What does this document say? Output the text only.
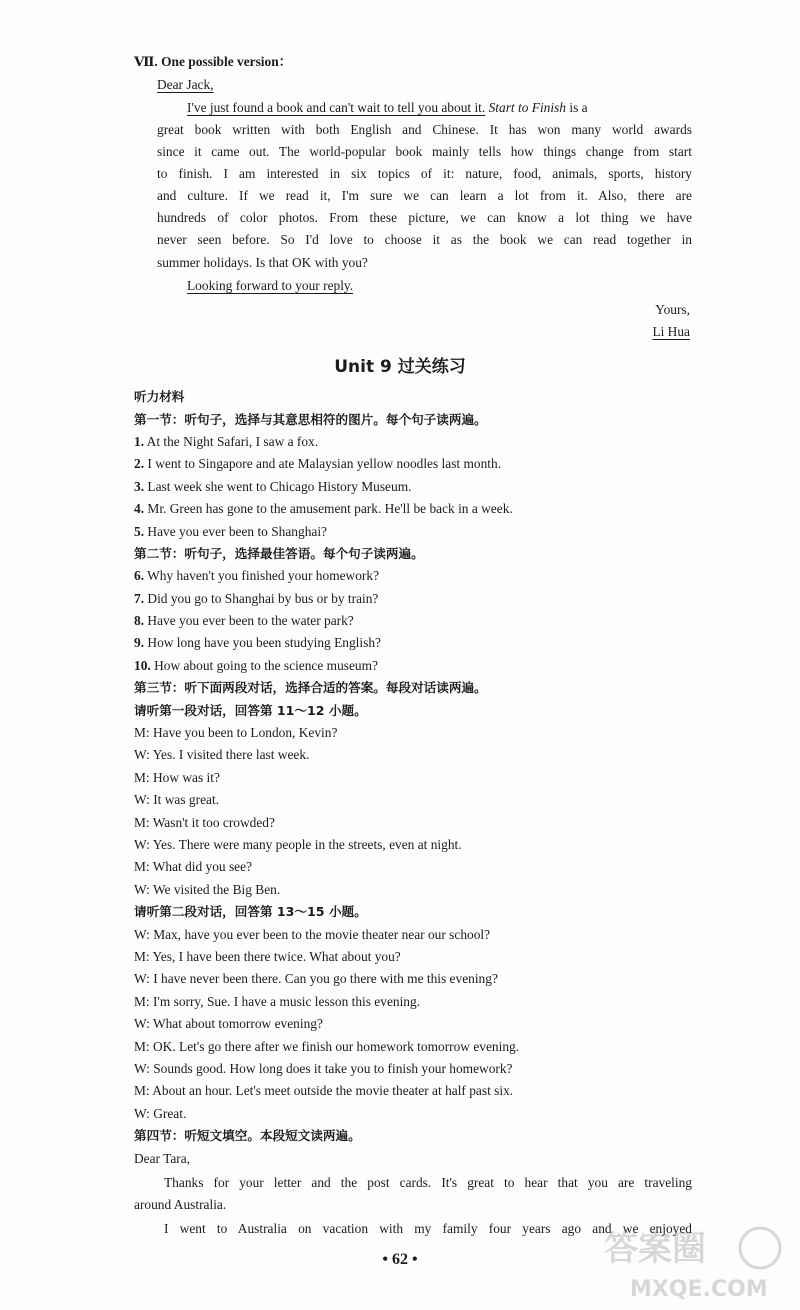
Ⅶ. One possible version：
Dear Jack,
I've just found a book and can't wait to tell you about it. Start to Finish is a
great book written with both English and Chinese. It has won many world awards
since it came out. The world-popular book mainly tells how things change from start
to finish. I am interested in six topics of it: nature, food, animals, sports, history
and culture. If we read it, I'm sure we can learn a lot from it. Also, there are
hundreds of color photos. From these picture, we can know a lot thing we have
never seen before. So I'd love to choose it as the book we can read together in
summer holidays. Is that OK with you?
Looking forward to your reply.
Yours,
Li Hua
Unit 9 过关练习
听力材料
第一节：听句子，选择与其意思相符的图片。每个句子读两遍。
1. At the Night Safari, I saw a fox.
2. I went to Singapore and ate Malaysian yellow noodles last month.
3. Last week she went to Chicago History Museum.
4. Mr. Green has gone to the amusement park. He'll be back in a week.
5. Have you ever been to Shanghai?
第二节：听句子，选择最佳答语。每个句子读两遍。
6. Why haven't you finished your homework?
7. Did you go to Shanghai by bus or by train?
8. Have you ever been to the water park?
9. How long have you been studying English?
10. How about going to the science museum?
第三节：听下面两段对话，选择合适的答案。每段对话读两遍。
请听第一段对话，回答第 11～12 小题。
M: Have you been to London, Kevin?
W: Yes. I visited there last week.
M: How was it?
W: It was great.
M: Wasn't it too crowded?
W: Yes. There were many people in the streets, even at night.
M: What did you see?
W: We visited the Big Ben.
请听第二段对话，回答第 13～15 小题。
W: Max, have you ever been to the movie theater near our school?
M: Yes, I have been there twice. What about you?
W: I have never been there. Can you go there with me this evening?
M: I'm sorry, Sue. I have a music lesson this evening.
W: What about tomorrow evening?
M: OK. Let's go there after we finish our homework tomorrow evening.
W: Sounds good. How long does it take you to finish your homework?
M: About an hour. Let's meet outside the movie theater at half past six.
W: Great.
第四节：听短文填空。本段短文读两遍。
Dear Tara,
Thanks for your letter and the post cards. It's great to hear that you are traveling
around Australia.
I went to Australia on vacation with my family four years ago and we enjoyed
• 62 •	答案圈
MXQE.COM
